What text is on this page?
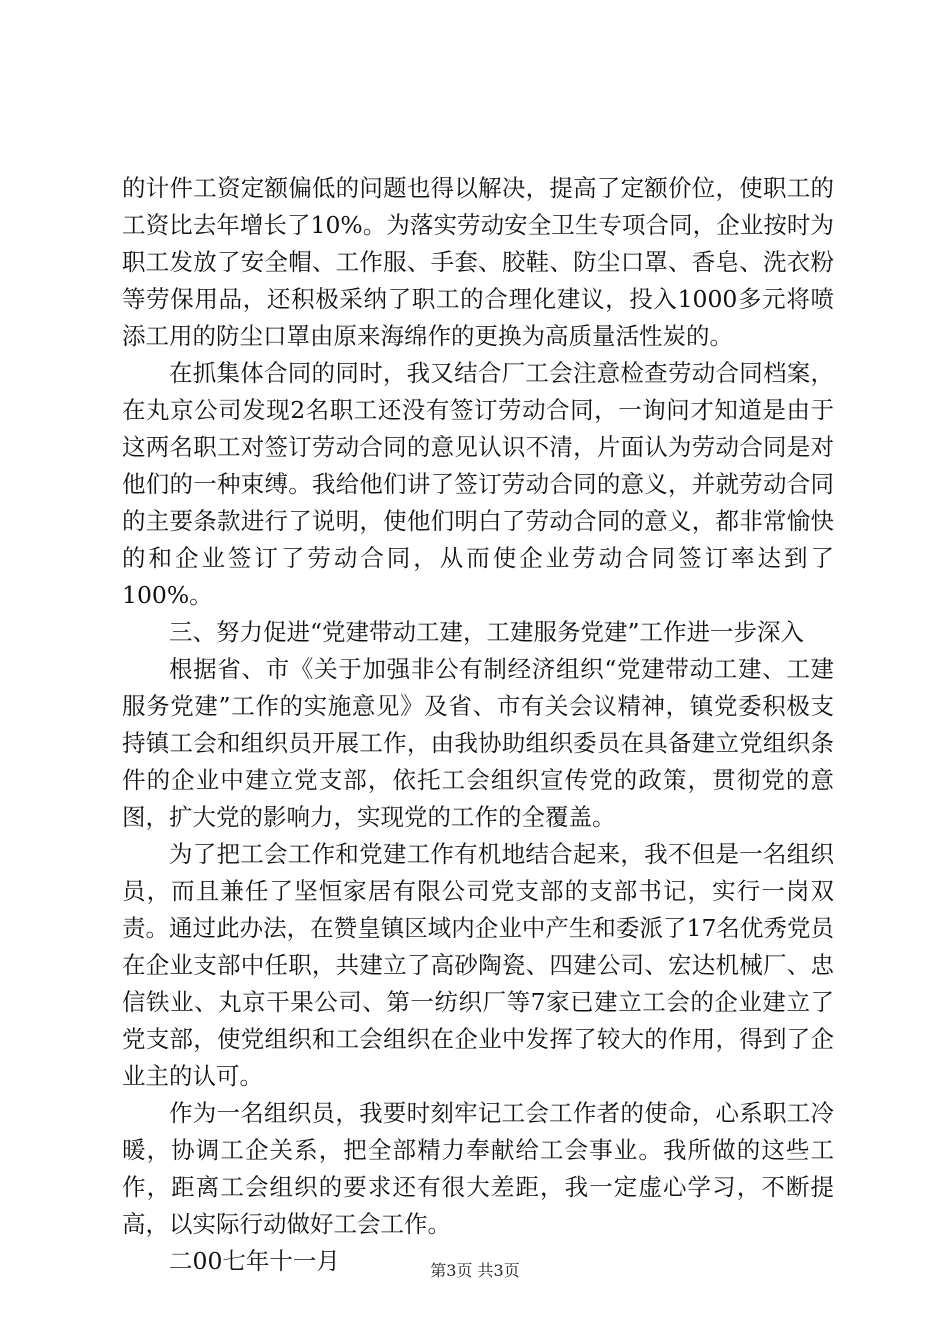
的计件工资定额偏低的问题也得以解决，提高了定额价位，使职工的工资比去年增长了10%。为落实劳动安全卫生专项合同，企业按时为职工发放了安全帽、工作服、手套、胶鞋、防尘口罩、香皂、洗衣粉等劳保用品，还积极采纳了职工的合理化建议，投入1000多元将喷添工用的防尘口罩由原来海绵作的更换为高质量活性炭的。

在抓集体合同的同时，我又结合厂工会注意检查劳动合同档案，在丸京公司发现2名职工还没有签订劳动合同，一询问才知道是由于这两名职工对签订劳动合同的意见认识不清，片面认为劳动合同是对他们的一种束缚。我给他们讲了签订劳动合同的意义，并就劳动合同的主要条款进行了说明，使他们明白了劳动合同的意义，都非常愉快的和企业签订了劳动合同，从而使企业劳动合同签订率达到了100%。

三、努力促进“党建带动工建，工建服务党建”工作进一步深入

根据省、市《关于加强非公有制经济组织“党建带动工建、工建服务党建”工作的实施意见》及省、市有关会议精神，镇党委积极支持镇工会和组织员开展工作，由我协助组织委员在具备建立党组织条件的企业中建立党支部，依托工会组织宣传党的政策，贯彻党的意图，扩大党的影响力，实现党的工作的全覆盖。

为了把工会工作和党建工作有机地结合起来，我不但是一名组织员，而且兼任了坚恒家居有限公司党支部的支部书记，实行一岗双责。通过此办法，在赞皇镇区域内企业中产生和委派了17名优秀党员在企业支部中任职，共建立了高砂陶瓷、四建公司、宏达机械厂、忠信铁业、丸京干果公司、第一纺织厂等7家已建立工会的企业建立了党支部，使党组织和工会组织在企业中发挥了较大的作用，得到了企业主的认可。

作为一名组织员，我要时刻牢记工会工作者的使命，心系职工冷暖，协调工企关系，把全部精力奉献给工会事业。我所做的这些工作，距离工会组织的要求还有很大差距，我一定虚心学习，不断提高，以实际行动做好工会工作。

二00七年十一月	第3页 共3页
